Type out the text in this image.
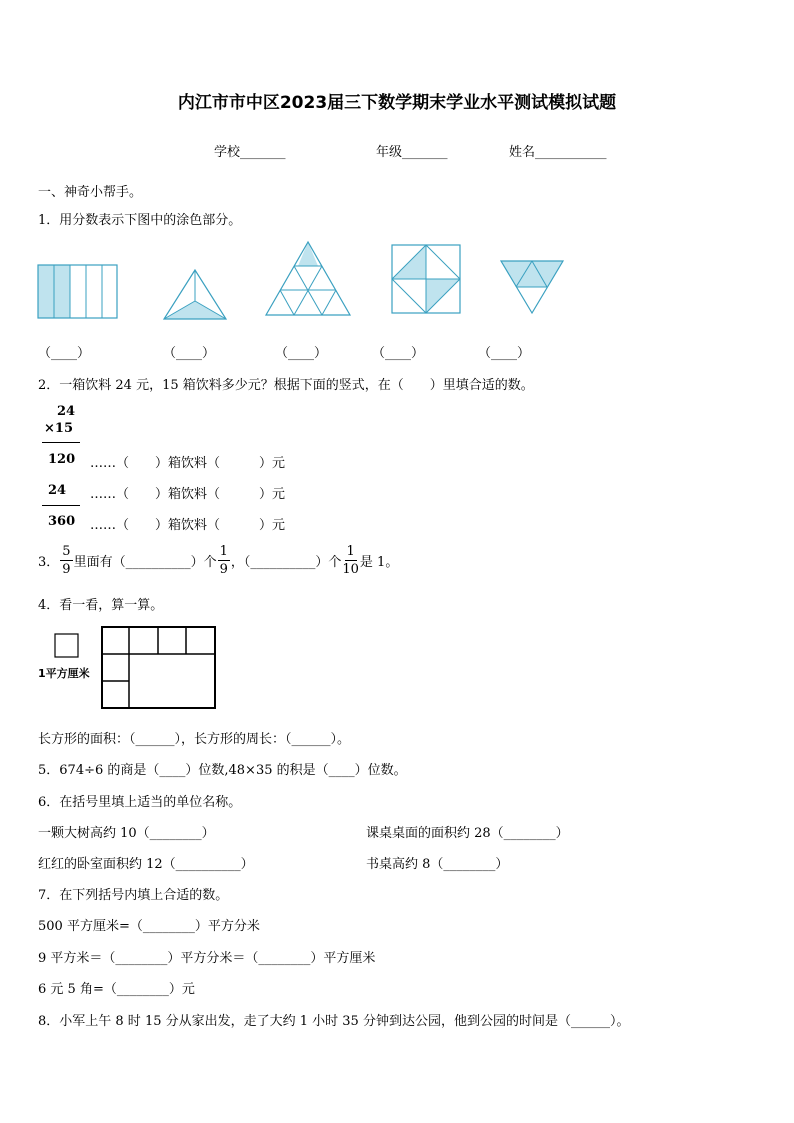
内江市市中区2023届三下数学期末学业水平测试模拟试题
学校_______	年级_______	姓名___________
一、神奇小帮手。
1．用分数表示下图中的涂色部分。
（____）	（____）	（____）	（____）	（____）
2．一箱饮料 24 元，15 箱饮料多少元？根据下面的竖式，在（　　）里填合适的数。
24
×15
120
24
360
……（　　）箱饮料（　　　）元
……（　　）箱饮料（　　　）元
……（　　）箱饮料（　　　）元
3． $\frac{5}{9}$ 里面有（__________）个 $\frac{1}{9}$ ，（__________）个 $\frac{1}{10}$ 是 1。
4．看一看，算一算。
1平方厘米
长方形的面积：（______），长方形的周长：（______）。
5．674÷6 的商是（____）位数,48×35 的积是（____）位数。
6．在括号里填上适当的单位名称。
一颗大树高约 10（________）	课桌桌面的面积约 28（________）
红红的卧室面积约 12（__________）	书桌高约 8（________）
7．在下列括号内填上合适的数。
500 平方厘米=（________）平方分米
9 平方米＝（________）平方分米＝（________）平方厘米
6 元 5 角=（________）元
8．小军上午 8 时 15 分从家出发，走了大约 1 小时 35 分钟到达公园，他到公园的时间是（______）。
